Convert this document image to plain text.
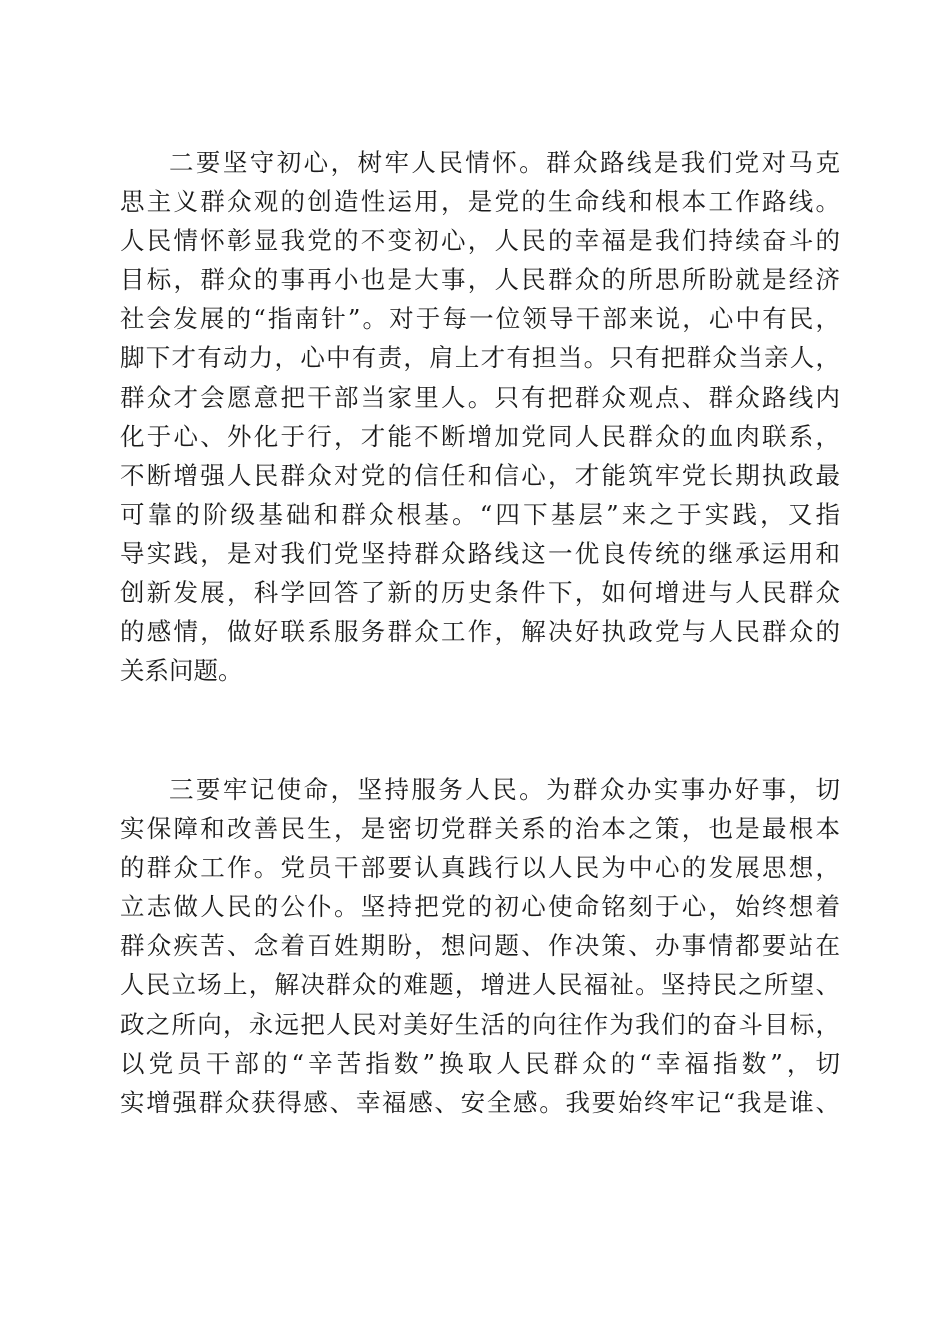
二要坚守初心，树牢人民情怀。群众路线是我们党对马克
思主义群众观的创造性运用，是党的生命线和根本工作路线。
人民情怀彰显我党的不变初心，人民的幸福是我们持续奋斗的
目标，群众的事再小也是大事，人民群众的所思所盼就是经济
社会发展的“指南针”。对于每一位领导干部来说，心中有民，
脚下才有动力，心中有责，肩上才有担当。只有把群众当亲人，
群众才会愿意把干部当家里人。只有把群众观点、群众路线内
化于心、外化于行，才能不断增加党同人民群众的血肉联系，
不断增强人民群众对党的信任和信心，才能筑牢党长期执政最
可靠的阶级基础和群众根基。“四下基层”来之于实践，又指
导实践，是对我们党坚持群众路线这一优良传统的继承运用和
创新发展，科学回答了新的历史条件下，如何增进与人民群众
的感情，做好联系服务群众工作，解决好执政党与人民群众的
关系问题。
三要牢记使命，坚持服务人民。为群众办实事办好事，切
实保障和改善民生，是密切党群关系的治本之策，也是最根本
的群众工作。党员干部要认真践行以人民为中心的发展思想，
立志做人民的公仆。坚持把党的初心使命铭刻于心，始终想着
群众疾苦、念着百姓期盼，想问题、作决策、办事情都要站在
人民立场上，解决群众的难题，增进人民福祉。坚持民之所望、
政之所向，永远把人民对美好生活的向往作为我们的奋斗目标，
以党员干部的“辛苦指数”换取人民群众的“幸福指数”，切
实增强群众获得感、幸福感、安全感。我要始终牢记“我是谁、
